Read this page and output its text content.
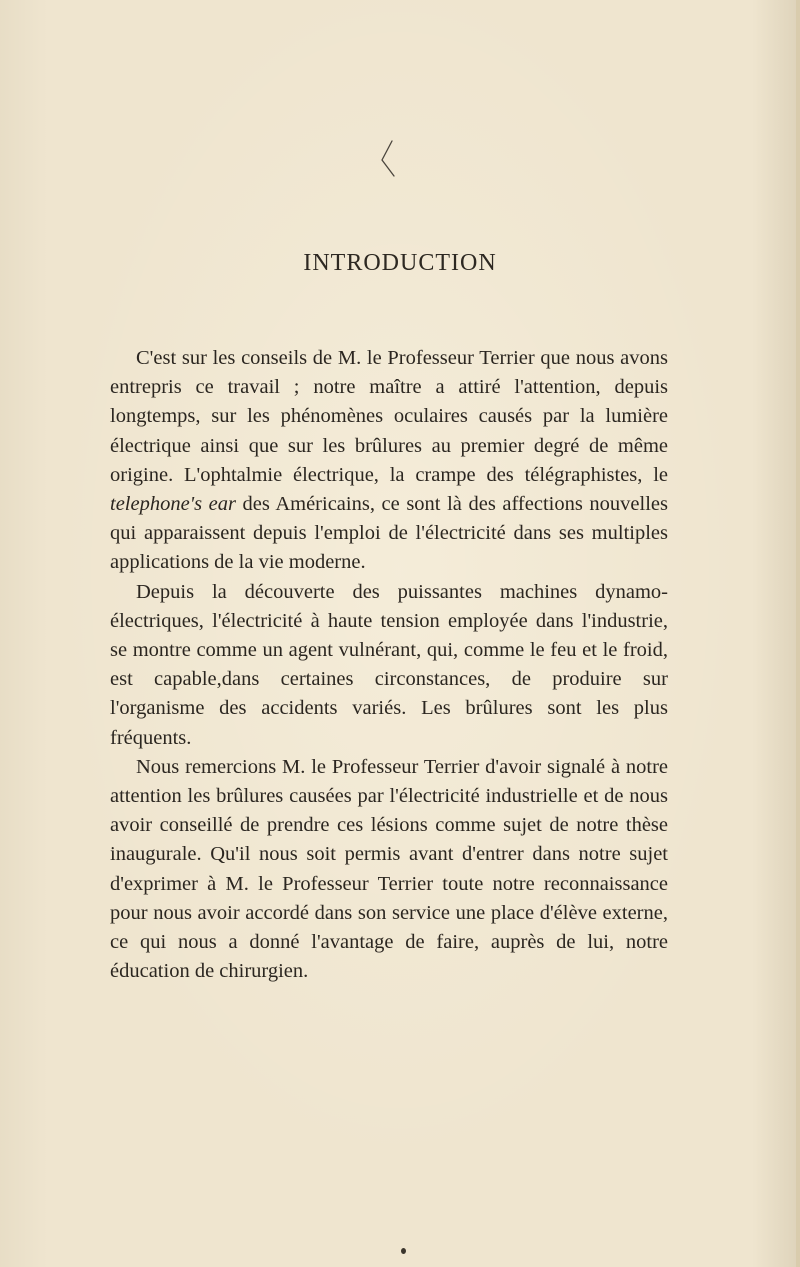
INTRODUCTION

C'est sur les conseils de M. le Professeur Terrier que nous avons entrepris ce travail ; notre maître a attiré l'attention, depuis longtemps, sur les phénomènes oculaires causés par la lumière électrique ainsi que sur les brûlures au premier degré de même origine. L'ophtalmie électrique, la crampe des télégraphistes, le telephone's ear des Américains, ce sont là des affections nouvelles qui apparaissent depuis l'emploi de l'électricité dans ses multiples applications de la vie moderne.

Depuis la découverte des puissantes machines dynamo-électriques, l'électricité à haute tension employée dans l'industrie, se montre comme un agent vulnérant, qui, comme le feu et le froid, est capable,dans certaines circonstances, de produire sur l'organisme des accidents variés. Les brûlures sont les plus fréquents.

Nous remercions M. le Professeur Terrier d'avoir signalé à notre attention les brûlures causées par l'électricité industrielle et de nous avoir conseillé de prendre ces lésions comme sujet de notre thèse inaugurale. Qu'il nous soit permis avant d'entrer dans notre sujet d'exprimer à M. le Professeur Terrier toute notre reconnaissance pour nous avoir accordé dans son service une place d'élève externe, ce qui nous a donné l'avantage de faire, auprès de lui, notre éducation de chirurgien.
